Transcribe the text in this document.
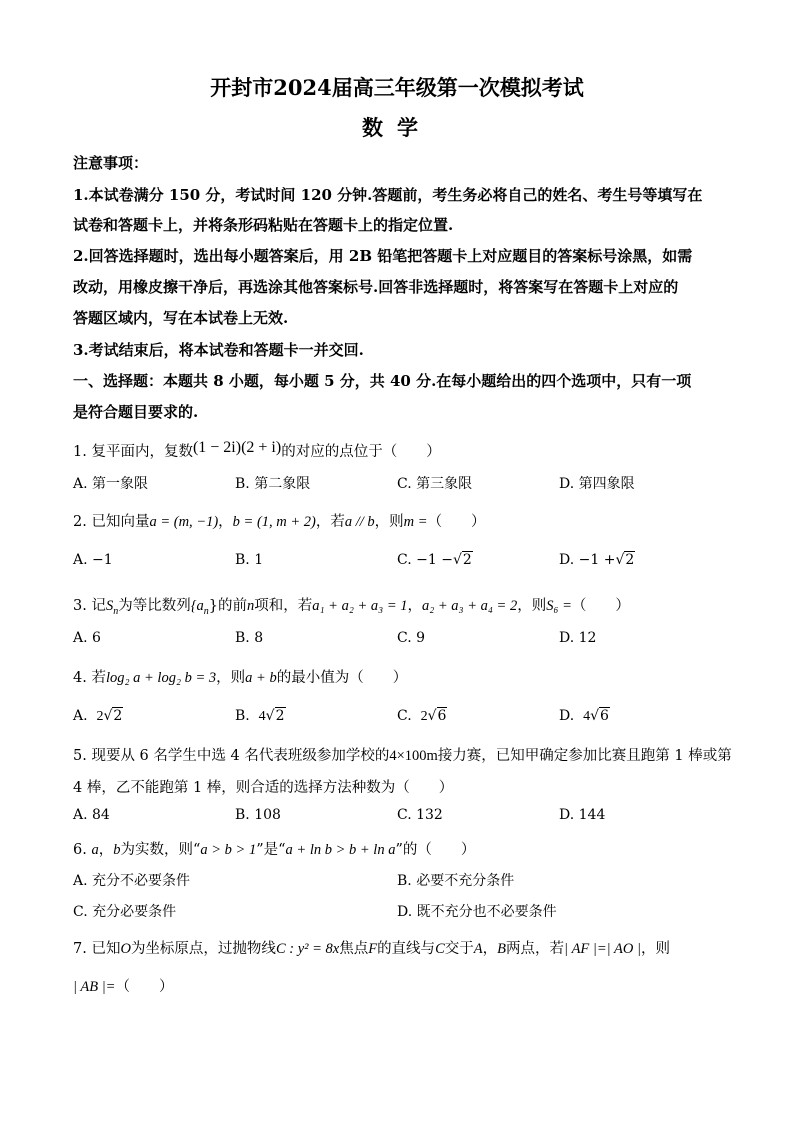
开封市2024届高三年级第一次模拟考试
数学
注意事项：
1.本试卷满分 150 分，考试时间 120 分钟.答题前，考生务必将自己的姓名、考生号等填写在
试卷和答题卡上，并将条形码粘贴在答题卡上的指定位置.
2.回答选择题时，选出每小题答案后，用 2B 铅笔把答题卡上对应题目的答案标号涂黑，如需
改动，用橡皮擦干净后，再选涂其他答案标号.回答非选择题时，将答案写在答题卡上对应的
答题区域内，写在本试卷上无效.
3.考试结束后，将本试卷和答题卡一并交回.
一、选择题：本题共 8 小题，每小题 5 分，共 40 分.在每小题给出的四个选项中，只有一项
是符合题目要求的.
1. 复平面内，复数(1 − 2i)(2 + i)的对应的点位于（　　）
A. 第一象限	B. 第二象限	C. 第三象限	D. 第四象限
2. 已知向量a = (m, −1)，b = (1, m + 2)，若a // b，则m =（　　）
A. −1	B. 1	C. −1 −√2	D. −1 +√2
3. 记$S_n$为等比数列$\{a_n\}$的前n项和，若a₁ + a₂ + a₃ = 1，a₂ + a₃ + a₄ = 2，则S₆ =（　　）
A. 6	B. 8	C. 9	D. 12
4. 若log₂ a + log₂ b = 3，则a + b的最小值为（　　）
A. 2√2	B. 4√2	C. 2√6	D. 4√6
5. 现要从 6 名学生中选 4 名代表班级参加学校的4×100m接力赛，已知甲确定参加比赛且跑第 1 棒或第
4 棒，乙不能跑第 1 棒，则合适的选择方法种数为（　　）
A. 84	B. 108	C. 132	D. 144
6. a，b为实数，则“a > b > 1”是“a + ln b > b + ln a”的（　　）
A. 充分不必要条件	B. 必要不充分条件
C. 充分必要条件	D. 既不充分也不必要条件
7. 已知O为坐标原点，过抛物线C : y² = 8x焦点F的直线与C交于A，B两点，若| AF |=| AO |，则
| AB |=（　　）
